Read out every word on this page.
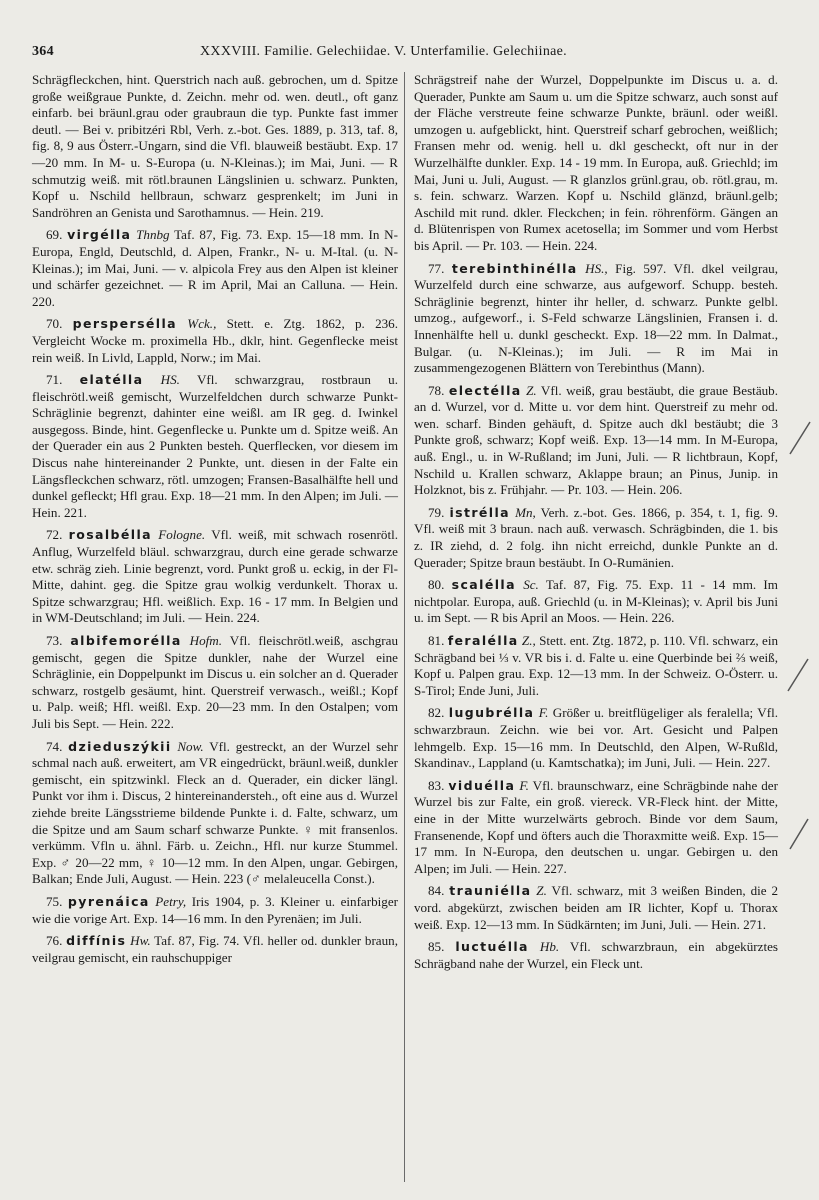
364	XXXVIII. Familie. Gelechiidae. V. Unterfamilie. Gelechiinae.

Schrägfleckchen, hint. Querstrich nach auß. gebrochen, um d. Spitze große weißgraue Punkte, d. Zeichn. mehr od. wen. deutl., oft ganz einfarb. bei bräunl.grau oder graubraun die typ. Punkte fast immer deutl. — Bei v. pribitzéri Rbl, Verh. z.-bot. Ges. 1889, p. 313, taf. 8, fig. 8, 9 aus Österr.-Ungarn, sind die Vfl. blauweiß bestäubt. Exp. 17—20 mm. In M- u. S-Europa (u. N-Kleinas.); im Mai, Juni. — R schmutzig weiß. mit rötl.braunen Längslinien u. schwarz. Punkten, Kopf u. Nschild hellbraun, schwarz gesprenkelt; im Juni in Sandröhren an Genista und Sarothamnus. — Hein. 219.

69. virgélla Thnbg Taf. 87, Fig. 73. Exp. 15—18 mm. In N-Europa, Engld, Deutschld, d. Alpen, Frankr., N- u. M-Ital. (u. N-Kleinas.); im Mai, Juni. — v. alpicola Frey aus den Alpen ist kleiner und schärfer gezeichnet. — R im April, Mai an Calluna. — Hein. 220.

70. perspersélla Wck., Stett. e. Ztg. 1862, p. 236. Vergleicht Wocke m. proximella Hb., dklr, hint. Gegenflecke meist rein weiß. In Livld, Lappld, Norw.; im Mai.

71. elatélla HS. Vfl. schwarzgrau, rostbraun u. fleischrötl.weiß gemischt, Wurzelfeldchen durch schwarze Punkt-Schräglinie begrenzt, dahinter eine weißl. am IR geg. d. Iwinkel ausgegoss. Binde, hint. Gegenflecke u. Punkte um d. Spitze weiß. An der Querader ein aus 2 Punkten besteh. Querflecken, vor diesem im Discus nahe hintereinander 2 Punkte, unt. diesen in der Falte ein Längsfleckchen schwarz, rötl. umzogen; Fransen-Basalhälfte hell und dunkel gefleckt; Hfl grau. Exp. 18—21 mm. In den Alpen; im Juli. — Hein. 221.

72. rosalbélla Fologne. Vfl. weiß, mit schwach rosenrötl. Anflug, Wurzelfeld bläul. schwarzgrau, durch eine gerade schwarze etw. schräg zieh. Linie begrenzt, vord. Punkt groß u. eckig, in der Fl-Mitte, dahint. geg. die Spitze grau wolkig verdunkelt. Thorax u. Spitze schwarzgrau; Hfl. weißlich. Exp. 16 - 17 mm. In Belgien und in WM-Deutschland; im Juli. — Hein. 224.

73. albifemorélla Hofm. Vfl. fleischrötl.weiß, aschgrau gemischt, gegen die Spitze dunkler, nahe der Wurzel eine Schräglinie, ein Doppelpunkt im Discus u. ein solcher an d. Querader schwarz, rostgelb gesäumt, hint. Querstreif verwasch., weißl.; Kopf u. Palp. weiß; Hfl. weißl. Exp. 20—23 mm. In den Ostalpen; vom Juli bis Sept. — Hein. 222.

74. dzieduszýkii Now. Vfl. gestreckt, an der Wurzel sehr schmal nach auß. erweitert, am VR eingedrückt, bräunl.weiß, dunkler gemischt, ein spitzwinkl. Fleck an d. Querader, ein dicker längl. Punkt vor ihm i. Discus, 2 hintereinandersteh., oft eine aus d. Wurzel ziehde breite Längsstrieme bildende Punkte i. d. Falte, schwarz, um die Spitze und am Saum scharf schwarze Punkte. ♀ mit fransenlos. verkümm. Vfln u. ähnl. Färb. u. Zeichn., Hfl. nur kurze Stummel. Exp. ♂ 20—22 mm, ♀ 10—12 mm. In den Alpen, ungar. Gebirgen, Balkan; Ende Juli, August. — Hein. 223 (♂ melaleucella Const.).

75. pyrenáica Petry, Iris 1904, p. 3. Kleiner u. einfarbiger wie die vorige Art. Exp. 14—16 mm. In den Pyrenäen; im Juli.

76. diffínis Hw. Taf. 87, Fig. 74. Vfl. heller od. dunkler braun, veilgrau gemischt, ein rauhschuppiger

Schrägstreif nahe der Wurzel, Doppelpunkte im Discus u. a. d. Querader, Punkte am Saum u. um die Spitze schwarz, auch sonst auf der Fläche verstreute feine schwarze Punkte, bräunl. oder weißl. umzogen u. aufgeblickt, hint. Querstreif scharf gebrochen, weißlich; Fransen mehr od. wenig. hell u. dkl gescheckt, oft nur in der Wurzelhälfte dunkler. Exp. 14 - 19 mm. In Europa, auß. Griechld; im Mai, Juni u. Juli, August. — R glanzlos grünl.grau, ob. rötl.grau, m. s. fein. schwarz. Warzen. Kopf u. Nschild glänzd, bräunl.gelb; Aschild mit rund. dkler. Fleckchen; in fein. röhrenförm. Gängen an d. Blütenrispen von Rumex acetosella; im Sommer und vom Herbst bis April. — Pr. 103. — Hein. 224.

77. terebinthinélla HS., Fig. 597. Vfl. dkel veilgrau, Wurzelfeld durch eine schwarze, aus aufgeworf. Schupp. besteh. Schräglinie begrenzt, hinter ihr heller, d. schwarz. Punkte gelbl. umzog., aufgeworf., i. S-Feld schwarze Längslinien, Fransen i. d. Innenhälfte hell u. dunkl gescheckt. Exp. 18—22 mm. In Dalmat., Bulgar. (u. N-Kleinas.); im Juli. — R im Mai in zusammengezogenen Blättern von Terebinthus (Mann).

78. electélla Z. Vfl. weiß, grau bestäubt, die graue Bestäub. an d. Wurzel, vor d. Mitte u. vor dem hint. Querstreif zu mehr od. wen. scharf. Binden gehäuft, d. Spitze auch dkl bestäubt; die 3 Punkte groß, schwarz; Kopf weiß. Exp. 13—14 mm. In M-Europa, auß. Engl., u. in W-Rußland; im Juni, Juli. — R lichtbraun, Kopf, Nschild u. Krallen schwarz, Aklappe braun; an Pinus, Junip. in Holzknot, bis z. Frühjahr. — Pr. 103. — Hein. 206.

79. istrélla Mn, Verh. z.-bot. Ges. 1866, p. 354, t. 1, fig. 9. Vfl. weiß mit 3 braun. nach auß. verwasch. Schrägbinden, die 1. bis z. IR ziehd, d. 2 folg. ihn nicht erreichd, dunkle Punkte an d. Querader; Spitze braun bestäubt. In O-Rumänien.

80. scalélla Sc. Taf. 87, Fig. 75. Exp. 11 - 14 mm. Im nichtpolar. Europa, auß. Griechld (u. in M-Kleinas); v. April bis Juni u. im Sept. — R bis April an Moos. — Hein. 226.

81. feralélla Z., Stett. ent. Ztg. 1872, p. 110. Vfl. schwarz, ein Schrägband bei ⅓ v. VR bis i. d. Falte u. eine Querbinde bei ⅔ weiß, Kopf u. Palpen grau. Exp. 12—13 mm. In der Schweiz. O-Österr. u. S-Tirol; Ende Juni, Juli.

82. lugubrélla F. Größer u. breitflügeliger als feralella; Vfl. schwarzbraun. Zeichn. wie bei vor. Art. Gesicht und Palpen lehmgelb. Exp. 15—16 mm. In Deutschld, den Alpen, W-Rußld, Skandinav., Lappland (u. Kamtschatka); im Juni, Juli. — Hein. 227.

83. viduélla F. Vfl. braunschwarz, eine Schrägbinde nahe der Wurzel bis zur Falte, ein groß. viereck. VR-Fleck hint. der Mitte, eine in der Mitte wurzelwärts gebroch. Binde vor dem Saum, Fransenende, Kopf und öfters auch die Thoraxmitte weiß. Exp. 15—17 mm. In N-Europa, den deutschen u. ungar. Gebirgen u. den Alpen; im Juli. — Hein. 227.

84. trauniélla Z. Vfl. schwarz, mit 3 weißen Binden, die 2 vord. abgekürzt, zwischen beiden am IR lichter, Kopf u. Thorax weiß. Exp. 12—13 mm. In Südkärnten; im Juni, Juli. — Hein. 271.

85. luctuélla Hb. Vfl. schwarzbraun, ein abgekürztes Schrägband nahe der Wurzel, ein Fleck unt.
